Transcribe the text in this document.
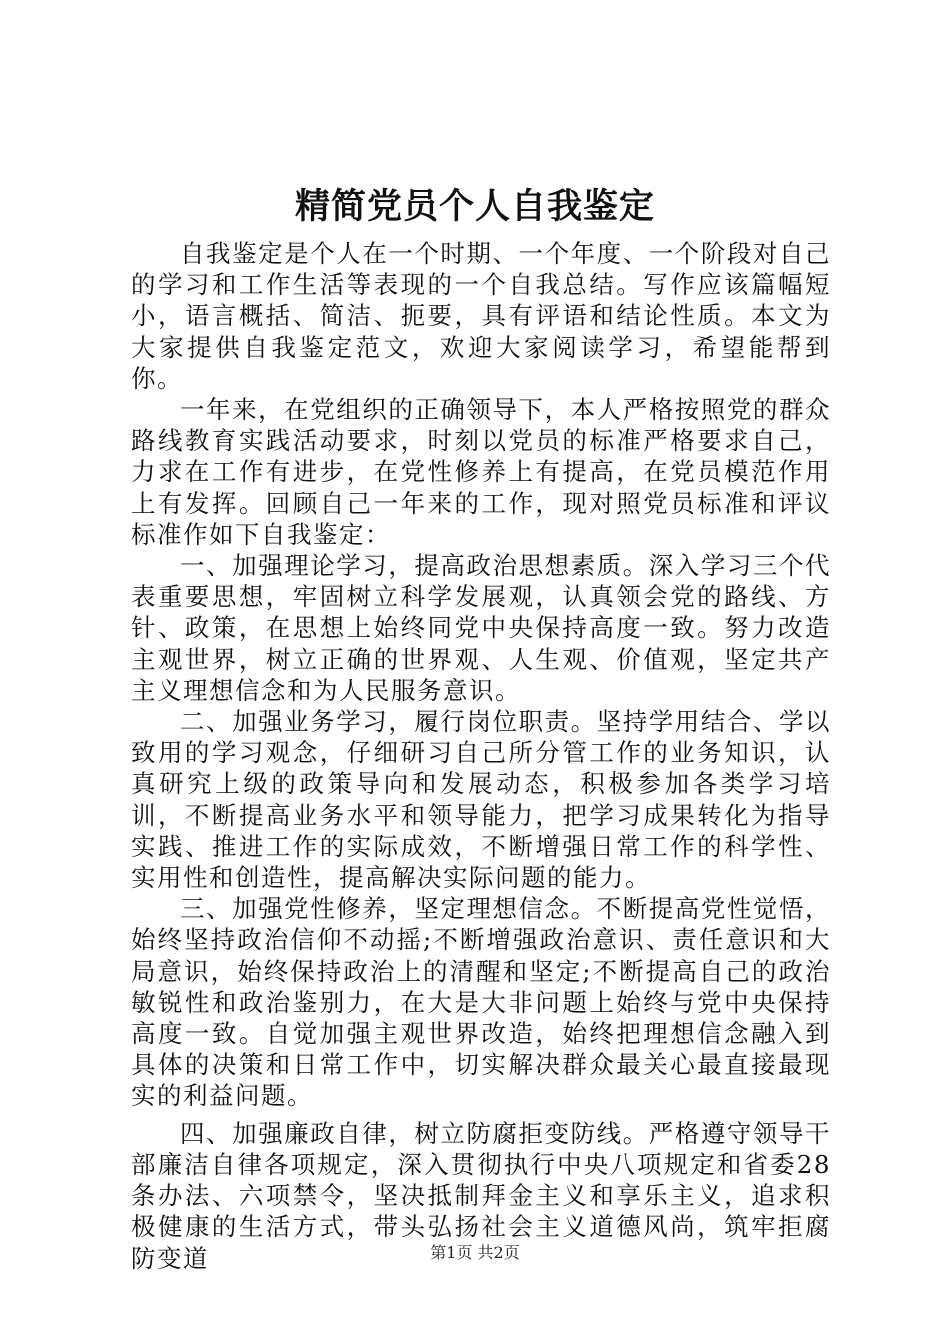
精简党员个人自我鉴定

自我鉴定是个人在一个时期、一个年度、一个阶段对自己的学习和工作生活等表现的一个自我总结。写作应该篇幅短小，语言概括、简洁、扼要，具有评语和结论性质。本文为大家提供自我鉴定范文，欢迎大家阅读学习，希望能帮到你。

一年来，在党组织的正确领导下，本人严格按照党的群众路线教育实践活动要求，时刻以党员的标准严格要求自己，力求在工作有进步，在党性修养上有提高，在党员模范作用上有发挥。回顾自己一年来的工作，现对照党员标准和评议标准作如下自我鉴定：

一、加强理论学习，提高政治思想素质。深入学习三个代表重要思想，牢固树立科学发展观，认真领会党的路线、方针、政策，在思想上始终同党中央保持高度一致。努力改造主观世界，树立正确的世界观、人生观、价值观，坚定共产主义理想信念和为人民服务意识。

二、加强业务学习，履行岗位职责。坚持学用结合、学以致用的学习观念，仔细研习自己所分管工作的业务知识，认真研究上级的政策导向和发展动态，积极参加各类学习培训，不断提高业务水平和领导能力，把学习成果转化为指导实践、推进工作的实际成效，不断增强日常工作的科学性、实用性和创造性，提高解决实际问题的能力。

三、加强党性修养，坚定理想信念。不断提高党性觉悟，始终坚持政治信仰不动摇;不断增强政治意识、责任意识和大局意识，始终保持政治上的清醒和坚定;不断提高自己的政治敏锐性和政治鉴别力，在大是大非问题上始终与党中央保持高度一致。自觉加强主观世界改造，始终把理想信念融入到具体的决策和日常工作中，切实解决群众最关心最直接最现实的利益问题。

四、加强廉政自律，树立防腐拒变防线。严格遵守领导干部廉洁自律各项规定，深入贯彻执行中央八项规定和省委28条办法、六项禁令，坚决抵制拜金主义和享乐主义，追求积极健康的生活方式，带头弘扬社会主义道德风尚，筑牢拒腐防变道	第1页 共2页
